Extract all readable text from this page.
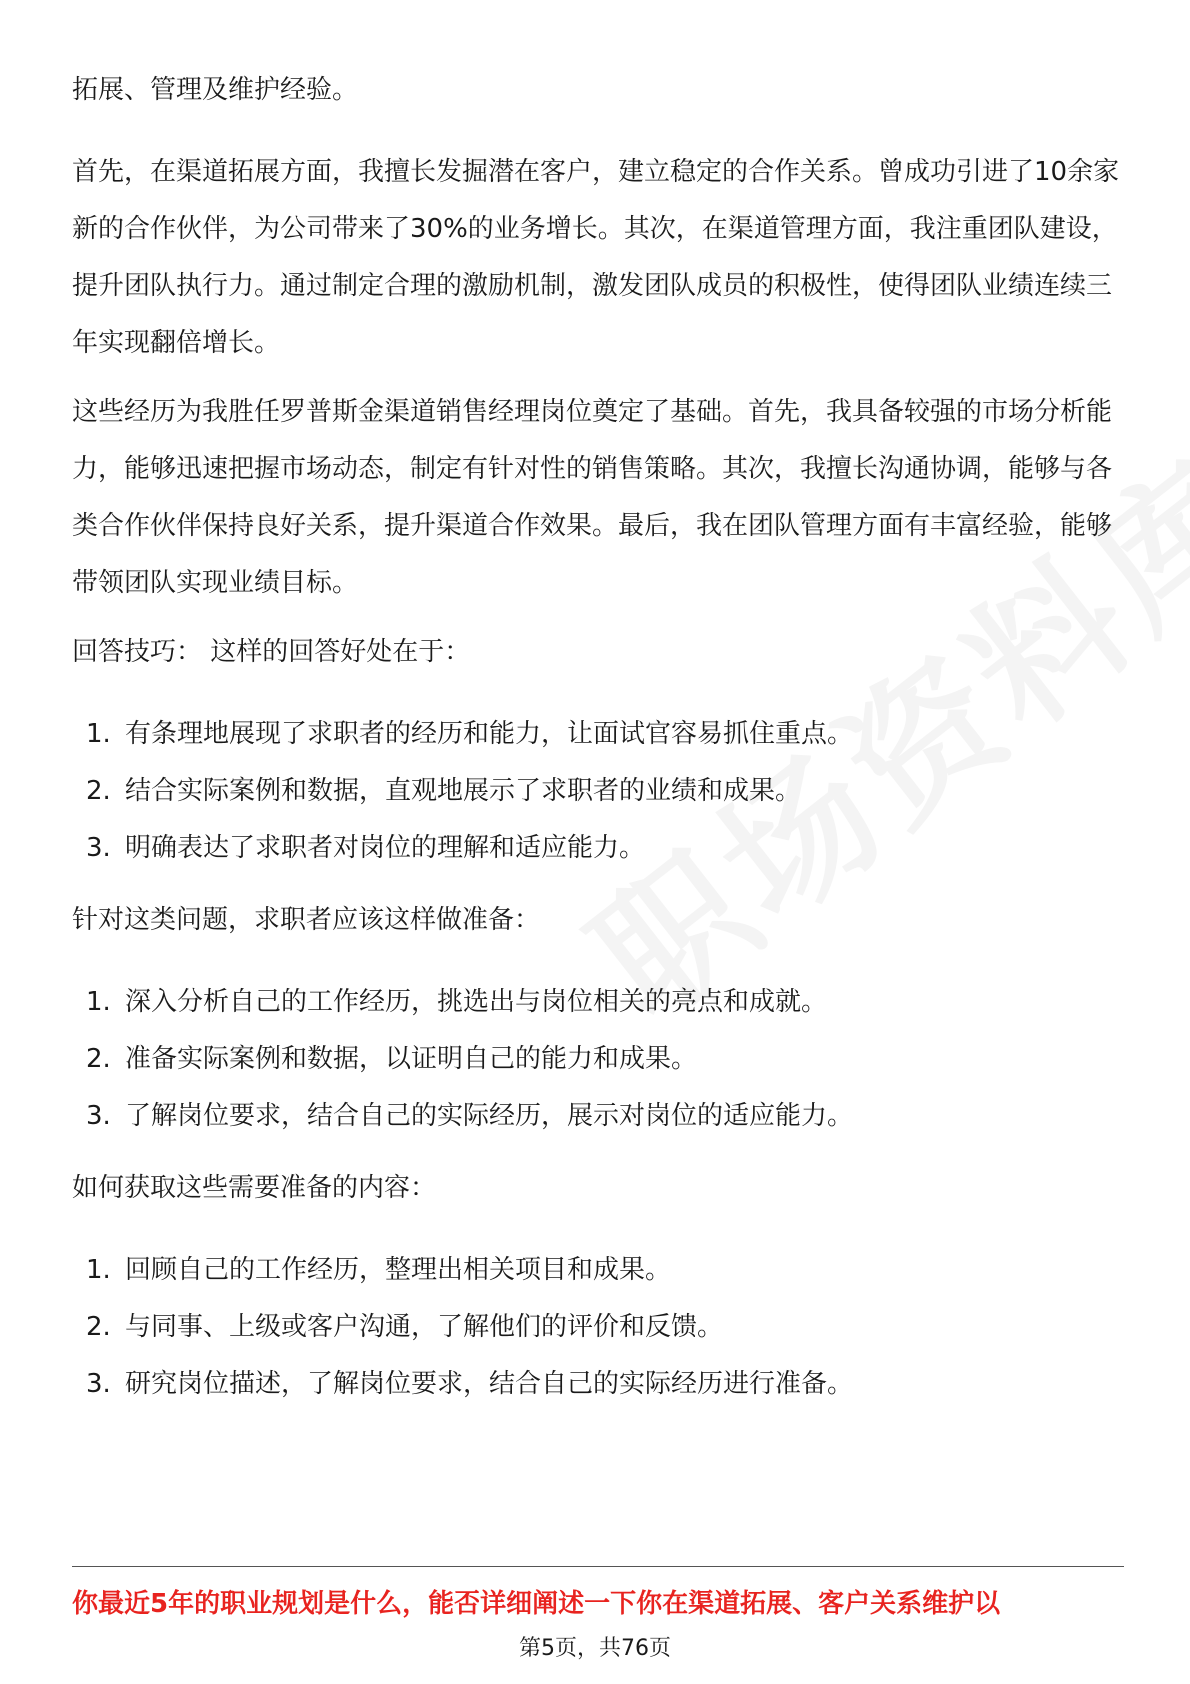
拓展、管理及维护经验。

首先，在渠道拓展方面，我擅长发掘潜在客户，建立稳定的合作关系。曾成功引进了10余家新的合作伙伴，为公司带来了30%的业务增长。其次，在渠道管理方面，我注重团队建设，提升团队执行力。通过制定合理的激励机制，激发团队成员的积极性，使得团队业绩连续三年实现翻倍增长。

这些经历为我胜任罗普斯金渠道销售经理岗位奠定了基础。首先，我具备较强的市场分析能力，能够迅速把握市场动态，制定有针对性的销售策略。其次，我擅长沟通协调，能够与各类合作伙伴保持良好关系，提升渠道合作效果。最后，我在团队管理方面有丰富经验，能够带领团队实现业绩目标。

回答技巧： 这样的回答好处在于：

1. 有条理地展现了求职者的经历和能力，让面试官容易抓住重点。
2. 结合实际案例和数据，直观地展示了求职者的业绩和成果。
3. 明确表达了求职者对岗位的理解和适应能力。

针对这类问题，求职者应该这样做准备：

1. 深入分析自己的工作经历，挑选出与岗位相关的亮点和成就。
2. 准备实际案例和数据，以证明自己的能力和成果。
3. 了解岗位要求，结合自己的实际经历，展示对岗位的适应能力。

如何获取这些需要准备的内容：

1. 回顾自己的工作经历，整理出相关项目和成果。
2. 与同事、上级或客户沟通，了解他们的评价和反馈。
3. 研究岗位描述，了解岗位要求，结合自己的实际经历进行准备。
你最近5年的职业规划是什么，能否详细阐述一下你在渠道拓展、客户关系维护以
第5页，共76页
